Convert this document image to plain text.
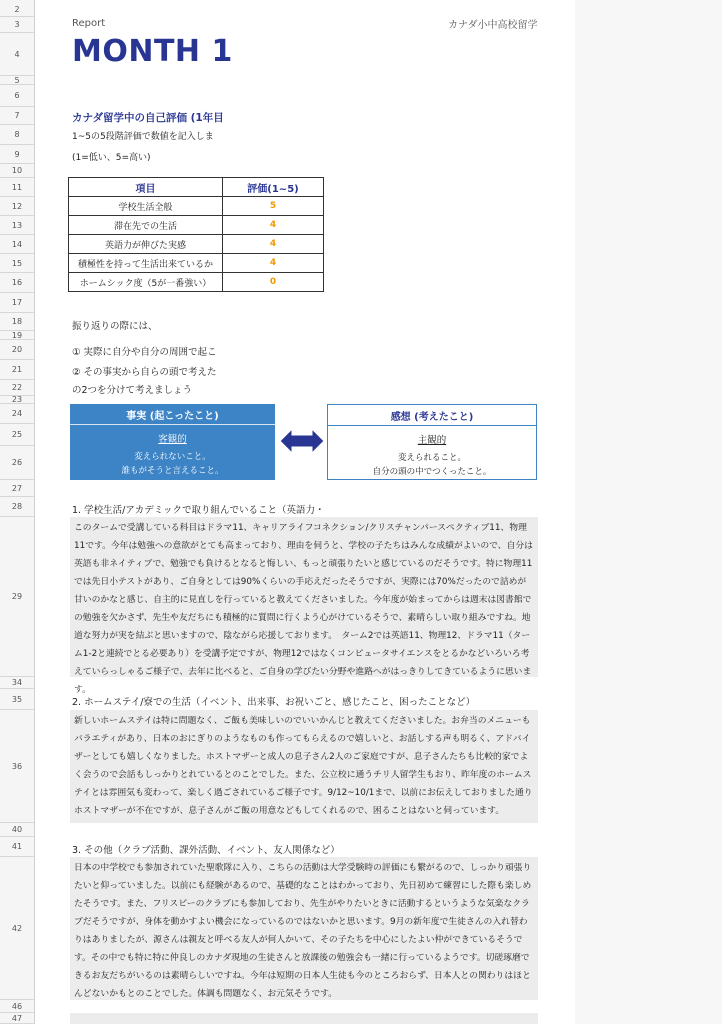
2
3
4
5
6
7
8
9
10
11
12
13
14
15
16
17
18
19
20
21
22
23
24
25
26
27
28
29
34
35
36
40
41
42
46
47
Report	カナダ小中高校留学
MONTH 1
カナダ留学中の自己評価 (1年目
1~5の5段階評価で数値を記入しま
(1=低い、5=高い)
項目	評価(1~5)
学校生活全般	5
滞在先での生活	4
英語力が伸びた実感	4
積極性を持って生活出来ているか	4
ホームシック度（5が一番強い）	0
振り返りの際には、
① 実際に自分や自分の周囲で起こ
② その事実から自らの頭で考えた
の2つを分けて考えましょう
事実 (起こったこと)
客観的
変えられないこと。
誰もがそうと言えること。
感想 (考えたこと)
主観的
変えられること。
自分の頭の中でつくったこと。
1. 学校生活/アカデミックで取り組んでいること（英語力・
このタームで受講している科目はドラマ11、キャリアライフコネクション/クリスチャンパースペクティブ11、物理11です。今年は勉強への意欲がとても高まっており、理由を伺うと、学校の子たちはみんな成績がよいので、自分は英語も非ネイティブで、勉強でも負けるとなると悔しい、もっと頑張りたいと感じているのだそうです。特に物理11では先日小テストがあり、ご自身としては90%くらいの手応えだったそうですが、実際には70%だったので詰めが甘いのかなと感じ、自主的に見直しを行っていると教えてくださいました。今年度が始まってからは週末は図書館での勉強を欠かさず、先生や友だちにも積極的に質問に行くよう心がけているそうで、素晴らしい取り組みですね。地道な努力が実を結ぶと思いますので、陰ながら応援しております。　ターム2では英語11、物理12、ドラマ11（ターム1-2と連続でとる必要あり）を受講予定ですが、物理12ではなくコンピュータサイエンスをとるかなどいろいろ考えていらっしゃるご様子で、去年に比べると、ご自身の学びたい分野や進路へがはっきりしてきているように思います。
2. ホームステイ/寮での生活（イベント、出来事、お祝いごと、感じたこと、困ったことなど）
新しいホームステイは特に問題なく、ご飯も美味しいのでいいかんじと教えてくださいました。お弁当のメニューもバラエティがあり、日本のおにぎりのようなものも作ってもらえるので嬉しいと、お話しする声も明るく、アドバイザーとしても嬉しくなりました。ホストマザーと成人の息子さん2人のご家庭ですが、息子さんたちも比較的家でよく会うので会話もしっかりとれているとのことでした。また、公立校に通うチリ人留学生もおり、昨年度のホームステイとは雰囲気も変わって、楽しく過ごされているご様子です。9/12~10/1まで、以前にお伝えしておりました通りホストマザーが不在ですが、息子さんがご飯の用意などもしてくれるので、困ることはないと伺っています。
3. その他（クラブ活動、課外活動、イベント、友人関係など）
日本の中学校でも参加されていた聖歌隊に入り、こちらの活動は大学受験時の評価にも繋がるので、しっかり頑張りたいと仰っていました。以前にも経験があるので、基礎的なことはわかっており、先日初めて練習にした際も楽しめたそうです。また、フリスビーのクラブにも参加しており、先生がやりたいときに活動するというような気楽なクラブだそうですが、身体を動かすよい機会になっているのではないかと思います。9月の新年度で生徒さんの入れ替わりはありましたが、源さんは親友と呼べる友人が何人かいて、その子たちを中心にしたよい仲ができているそうです。その中でも特に特に仲良しのカナダ現地の生徒さんと放課後の勉強会も一緒に行っているようです。切磋琢磨できるお友だちがいるのは素晴らしいですね。今年は短期の日本人生徒も今のところおらず、日本人との関わりはほとんどないかもとのことでした。体調も問題なく、お元気そうです。
